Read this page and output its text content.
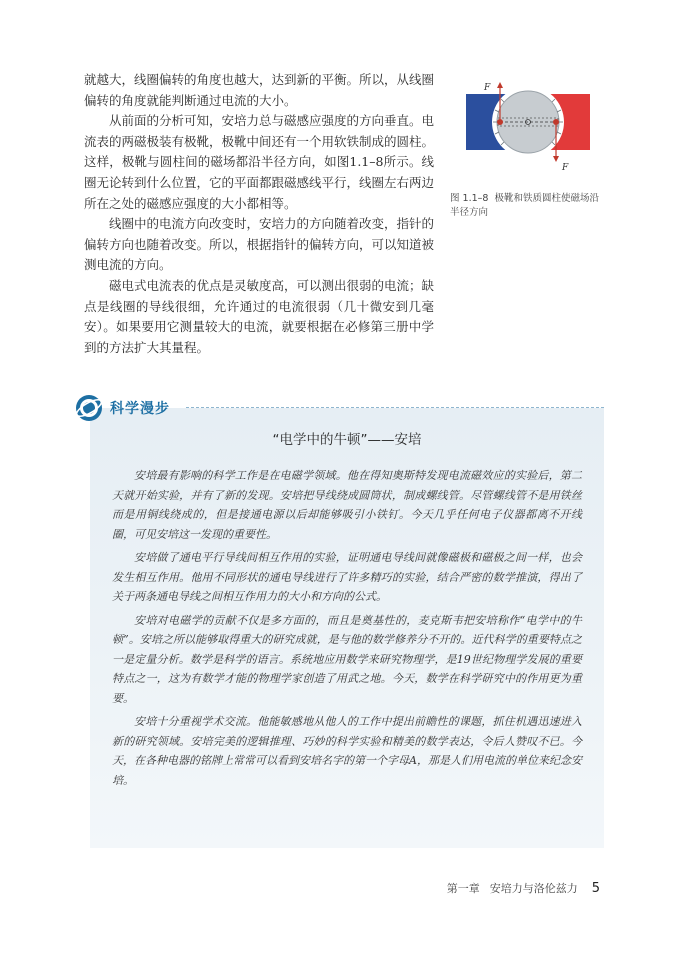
就越大，线圈偏转的角度也越大，达到新的平衡。所以，从线圈偏转的角度就能判断通过电流的大小。

从前面的分析可知，安培力总与磁感应强度的方向垂直。电流表的两磁极装有极靴，极靴中间还有一个用软铁制成的圆柱。这样，极靴与圆柱间的磁场都沿半径方向，如图1.1–8所示。线圈无论转到什么位置，它的平面都跟磁感线平行，线圈左右两边所在之处的磁感应强度的大小都相等。

线圈中的电流方向改变时，安培力的方向随着改变，指针的偏转方向也随着改变。所以，根据指针的偏转方向，可以知道被测电流的方向。

磁电式电流表的优点是灵敏度高，可以测出很弱的电流；缺点是线圈的导线很细，允许通过的电流很弱（几十微安到几毫安）。如果要用它测量较大的电流，就要根据在必修第三册中学到的方法扩大其量程。

F
F
图 1.1–8 极靴和铁质圆柱使磁场沿半径方向
“电学中的牛顿”——安培

安培最有影响的科学工作是在电磁学领域。他在得知奥斯特发现电流磁效应的实验后，第二天就开始实验，并有了新的发现。安培把导线绕成圆筒状，制成螺线管。尽管螺线管不是用铁丝而是用铜线绕成的，但是接通电源以后却能够吸引小铁钉。今天几乎任何电子仪器都离不开线圈，可见安培这一发现的重要性。

安培做了通电平行导线间相互作用的实验，证明通电导线间就像磁极和磁极之间一样，也会发生相互作用。他用不同形状的通电导线进行了许多精巧的实验，结合严密的数学推演，得出了关于两条通电导线之间相互作用力的大小和方向的公式。

安培对电磁学的贡献不仅是多方面的，而且是奠基性的，麦克斯韦把安培称作“电学中的牛顿”。安培之所以能够取得重大的研究成就，是与他的数学修养分不开的。近代科学的重要特点之一是定量分析。数学是科学的语言。系统地应用数学来研究物理学，是19世纪物理学发展的重要特点之一，这为有数学才能的物理学家创造了用武之地。今天，数学在科学研究中的作用更为重要。

安培十分重视学术交流。他能敏感地从他人的工作中提出前瞻性的课题，抓住机遇迅速进入新的研究领域。安培完美的逻辑推理、巧妙的科学实验和精美的数学表达，令后人赞叹不已。今天，在各种电器的铭牌上常常可以看到安培名字的第一个字母A，那是人们用电流的单位来纪念安培。

科学漫步
第一章 安培力与洛伦兹力 5
